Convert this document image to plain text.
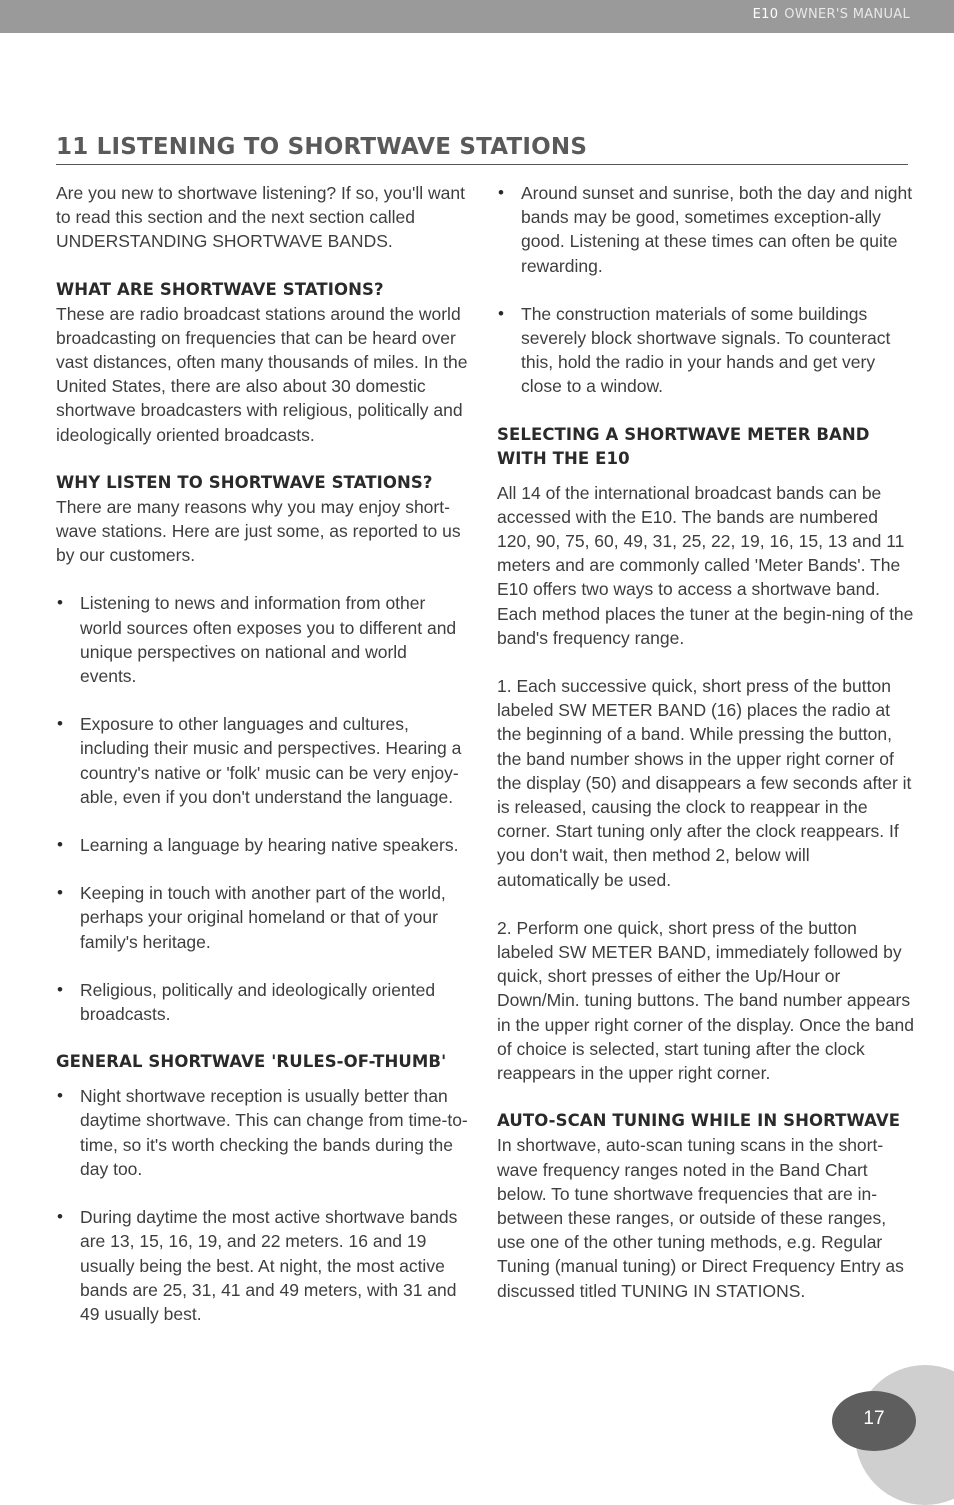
E10 OWNER'S MANUAL
11 LISTENING TO SHORTWAVE STATIONS

Are you new to shortwave listening? If so, you'll want to read this section and the next section called UNDERSTANDING SHORTWAVE BANDS.

WHAT ARE SHORTWAVE STATIONS?

These are radio broadcast stations around the world broadcasting on frequencies that can be heard over vast distances, often many thousands of miles. In the United States, there are also about 30 domestic shortwave broadcasters with religious, politically and ideologically oriented broadcasts.

WHY LISTEN TO SHORTWAVE STATIONS?

There are many reasons why you may enjoy short-wave stations. Here are just some, as reported to us by our customers.

• Listening to news and information from other world sources often exposes you to different and unique perspectives on national and world events.
• Exposure to other languages and cultures, including their music and perspectives. Hearing a country's native or 'folk' music can be very enjoy-able, even if you don't understand the language.
• Learning a language by hearing native speakers.
• Keeping in touch with another part of the world, perhaps your original homeland or that of your family's heritage.
• Religious, politically and ideologically oriented broadcasts.
GENERAL SHORTWAVE 'RULES-OF-THUMB'
• Night shortwave reception is usually better than daytime shortwave. This can change from time-to-time, so it's worth checking the bands during the day too.
• During daytime the most active shortwave bands are 13, 15, 16, 19, and 22 meters. 16 and 19 usually being the best. At night, the most active bands are 25, 31, 41 and 49 meters, with 31 and 49 usually best.
• Around sunset and sunrise, both the day and night bands may be good, sometimes exception-ally good. Listening at these times can often be quite rewarding.
• The construction materials of some buildings severely block shortwave signals. To counteract this, hold the radio in your hands and get very close to a window.
SELECTING A SHORTWAVE METER BAND WITH THE E10

All 14 of the international broadcast bands can be accessed with the E10. The bands are numbered 120, 90, 75, 60, 49, 31, 25, 22, 19, 16, 15, 13 and 11 meters and are commonly called 'Meter Bands'. The E10 offers two ways to access a shortwave band. Each method places the tuner at the begin-ning of the band's frequency range.

1. Each successive quick, short press of the button labeled SW METER BAND (16) places the radio at the beginning of a band. While pressing the button, the band number shows in the upper right corner of the display (50) and disappears a few seconds after it is released, causing the clock to reappear in the corner. Start tuning only after the clock reappears. If you don't wait, then method 2, below will automatically be used.

2. Perform one quick, short press of the button labeled SW METER BAND, immediately followed by quick, short presses of either the Up/Hour or Down/Min. tuning buttons. The band number appears in the upper right corner of the display. Once the band of choice is selected, start tuning after the clock reappears in the upper right corner.

AUTO-SCAN TUNING WHILE IN SHORTWAVE

In shortwave, auto-scan tuning scans in the short-wave frequency ranges noted in the Band Chart below. To tune shortwave frequencies that are in-between these ranges, or outside of these ranges, use one of the other tuning methods, e.g. Regular Tuning (manual tuning) or Direct Frequency Entry as discussed titled TUNING IN STATIONS.

17
